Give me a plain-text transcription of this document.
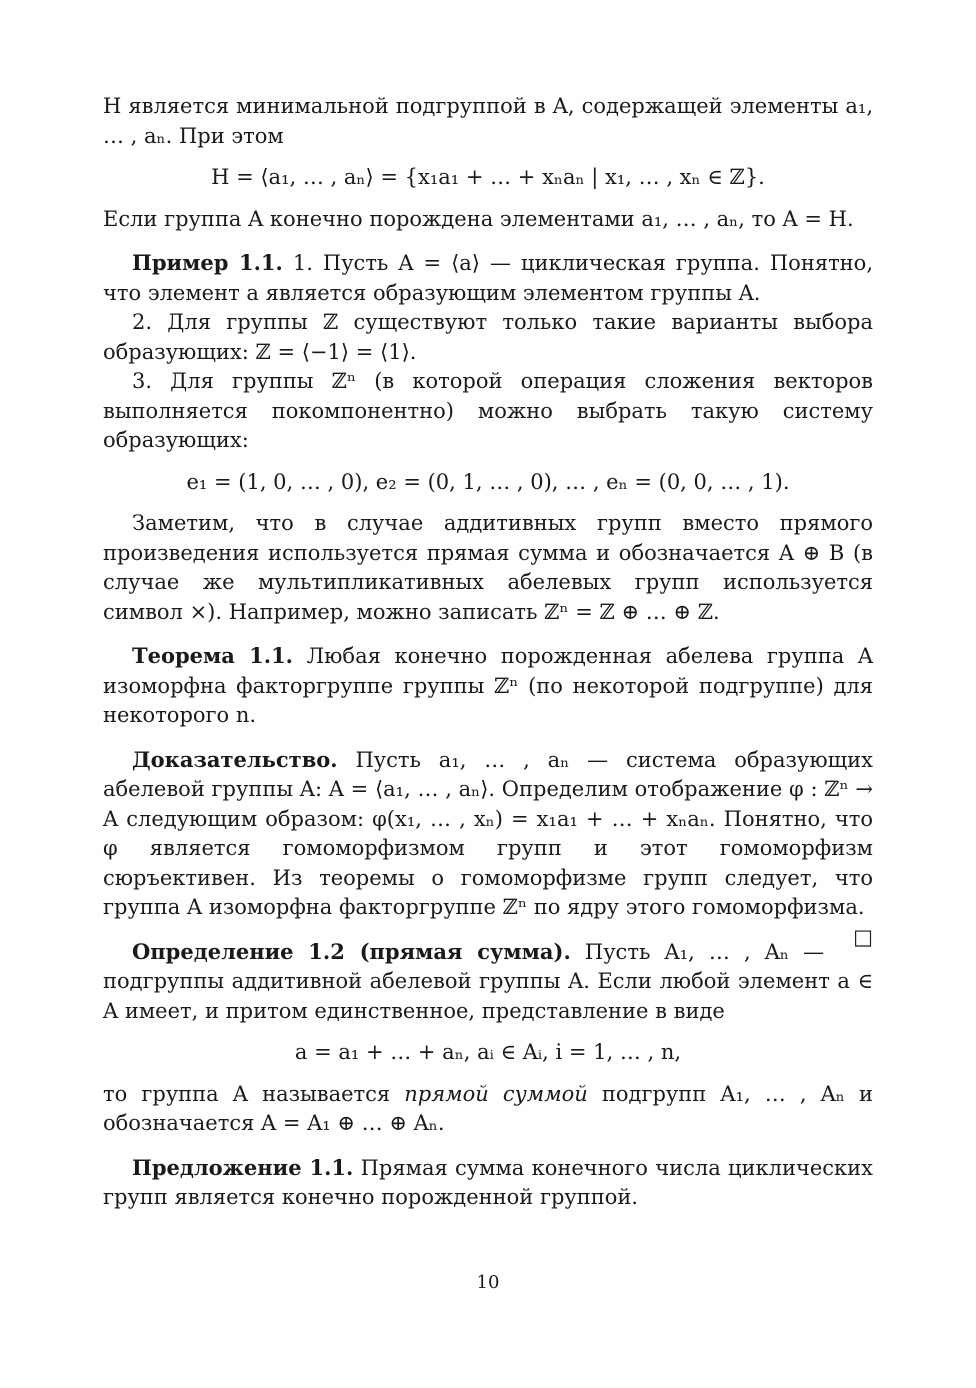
H является минимальной подгруппой в A, содержащей элементы a₁, … , aₙ. При этом

H = ⟨a₁, … , aₙ⟩ = {x₁a₁ + … + xₙaₙ | x₁, … , xₙ ∈ ℤ}.

Если группа A конечно порождена элементами a₁, … , aₙ, то A = H.

Пример 1.1. 1. Пусть A = ⟨a⟩ — циклическая группа. Понятно, что элемент a является образующим элементом группы A.

2. Для группы ℤ существуют только такие варианты выбора образующих: ℤ = ⟨−1⟩ = ⟨1⟩.

3. Для группы ℤⁿ (в которой операция сложения векторов выполняется покомпонентно) можно выбрать такую систему образующих:

e₁ = (1, 0, … , 0), e₂ = (0, 1, … , 0), … , eₙ = (0, 0, … , 1).

Заметим, что в случае аддитивных групп вместо прямого произведения используется прямая сумма и обозначается A ⊕ B (в случае же мультипликативных абелевых групп используется символ ×). Например, можно записать ℤⁿ = ℤ ⊕ … ⊕ ℤ.

Теорема 1.1. Любая конечно порожденная абелева группа A изоморфна факторгруппе группы ℤⁿ (по некоторой подгруппе) для некоторого n.

Доказательство. Пусть a₁, … , aₙ — система образующих абелевой группы A: A = ⟨a₁, … , aₙ⟩. Определим отображение φ : ℤⁿ → A следующим образом: φ(x₁, … , xₙ) = x₁a₁ + … + xₙaₙ. Понятно, что φ является гомоморфизмом групп и этот гомоморфизм сюръективен. Из теоремы о гомоморфизме групп следует, что группа A изоморфна факторгруппе ℤⁿ по ядру этого гомоморфизма.
□

Определение 1.2 (прямая сумма). Пусть A₁, … , Aₙ — подгруппы аддитивной абелевой группы A. Если любой элемент a ∈ A имеет, и притом единственное, представление в виде

a = a₁ + … + aₙ, aᵢ ∈ Aᵢ, i = 1, … , n,

то группа A называется прямой суммой подгрупп A₁, … , Aₙ и обозначается A = A₁ ⊕ … ⊕ Aₙ.

Предложение 1.1. Прямая сумма конечного числа циклических групп является конечно порожденной группой.

10
